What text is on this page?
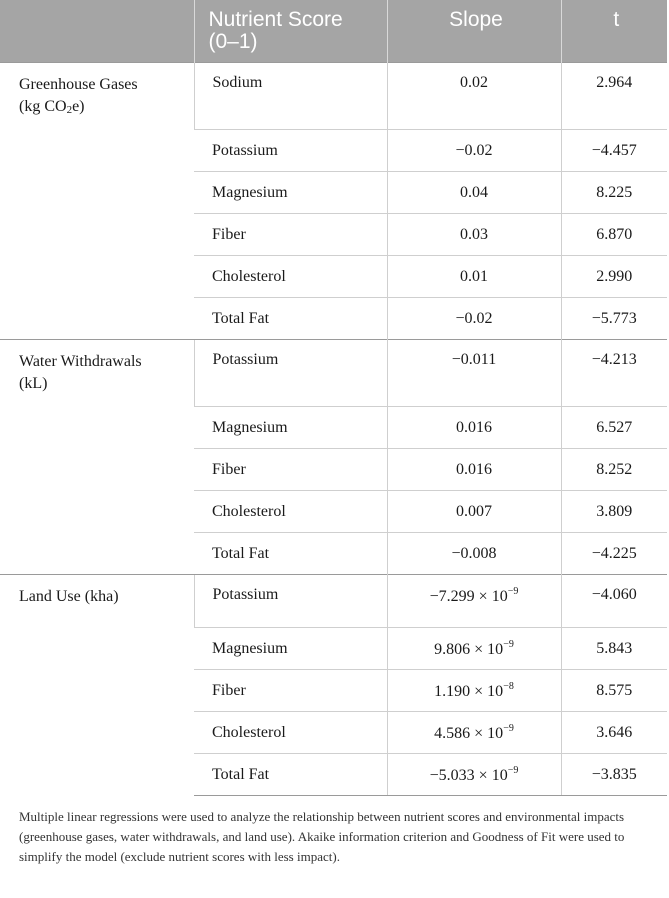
	Nutrient Score (0–1)	Slope	t
Greenhouse Gases
(kg $CO_2e$)	Sodium	0.02	2.964
	Potassium	−0.02	−4.457
	Magnesium	0.04	8.225
	Fiber	0.03	6.870
	Cholesterol	0.01	2.990
	Total Fat	−0.02	−5.773
Water Withdrawals
(kL)	Potassium	−0.011	−4.213
	Magnesium	0.016	6.527
	Fiber	0.016	8.252
	Cholesterol	0.007	3.809
	Total Fat	−0.008	−4.225
Land Use (kha)	Potassium	$-7.299 \times 10^{-9}$	−4.060
	Magnesium	$9.806 \times 10^{-9}$	5.843
	Fiber	$1.190 \times 10^{-8}$	8.575
	Cholesterol	$4.586 \times 10^{-9}$	3.646
	Total Fat	$-5.033 \times 10^{-9}$	−3.835

Multiple linear regressions were used to analyze the relationship between nutrient scores and environmental impacts (greenhouse gases, water withdrawals, and land use). Akaike information criterion and Goodness of Fit were used to simplify the model (exclude nutrient scores with less impact).
